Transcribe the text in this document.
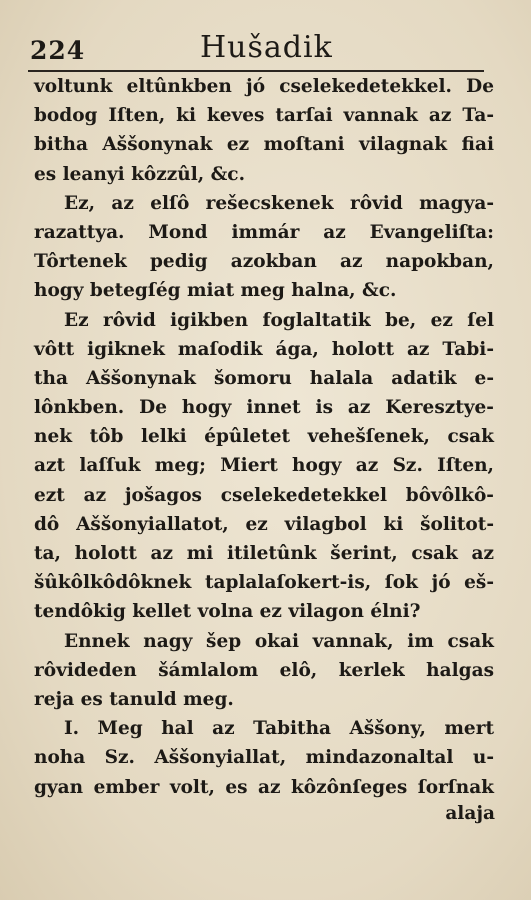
224	Hušadik
voltunk eltûnkben jó cselekedetekkel. De
bodog Iſten, ki keves tarſai vannak az Ta-
bitha Aššonynak ez moſtani vilagnak fiai
es leanyi kôzzûl, &c.
Ez, az elſô rešecskenek rôvid magya-
razattya. Mond immár az Evangeliſta:
Tôrtenek pedig azokban az napokban,
hogy betegſég miat meg halna, &c.
Ez rôvid igikben foglaltatik be, ez ſel
vôtt igiknek maſodik ága, holott az Tabi-
tha Aššonynak šomoru halala adatik e-
lônkben. De hogy innet is az Keresztye-
nek tôb lelki épûletet vehešſenek, csak
azt laſſuk meg; Miert hogy az Sz. Iſten,
ezt az jošagos cselekedetekkel bôvôlkô-
dô Aššonyiallatot, ez vilagbol ki šolitot-
ta, holott az mi itiletûnk šerint, csak az
šûkôlkôdôknek taplalaſokert-is, ſok jó eš-
tendôkig kellet volna ez vilagon élni?
Ennek nagy šep okai vannak, im csak
rôvideden šámlalom elô, kerlek halgas
reja es tanuld meg.
I. Meg hal az Tabitha Aššony, mert
noha Sz. Aššonyiallat, mindazonaltal u-
gyan ember volt, es az kôzônſeges ſorſnak
alaja
